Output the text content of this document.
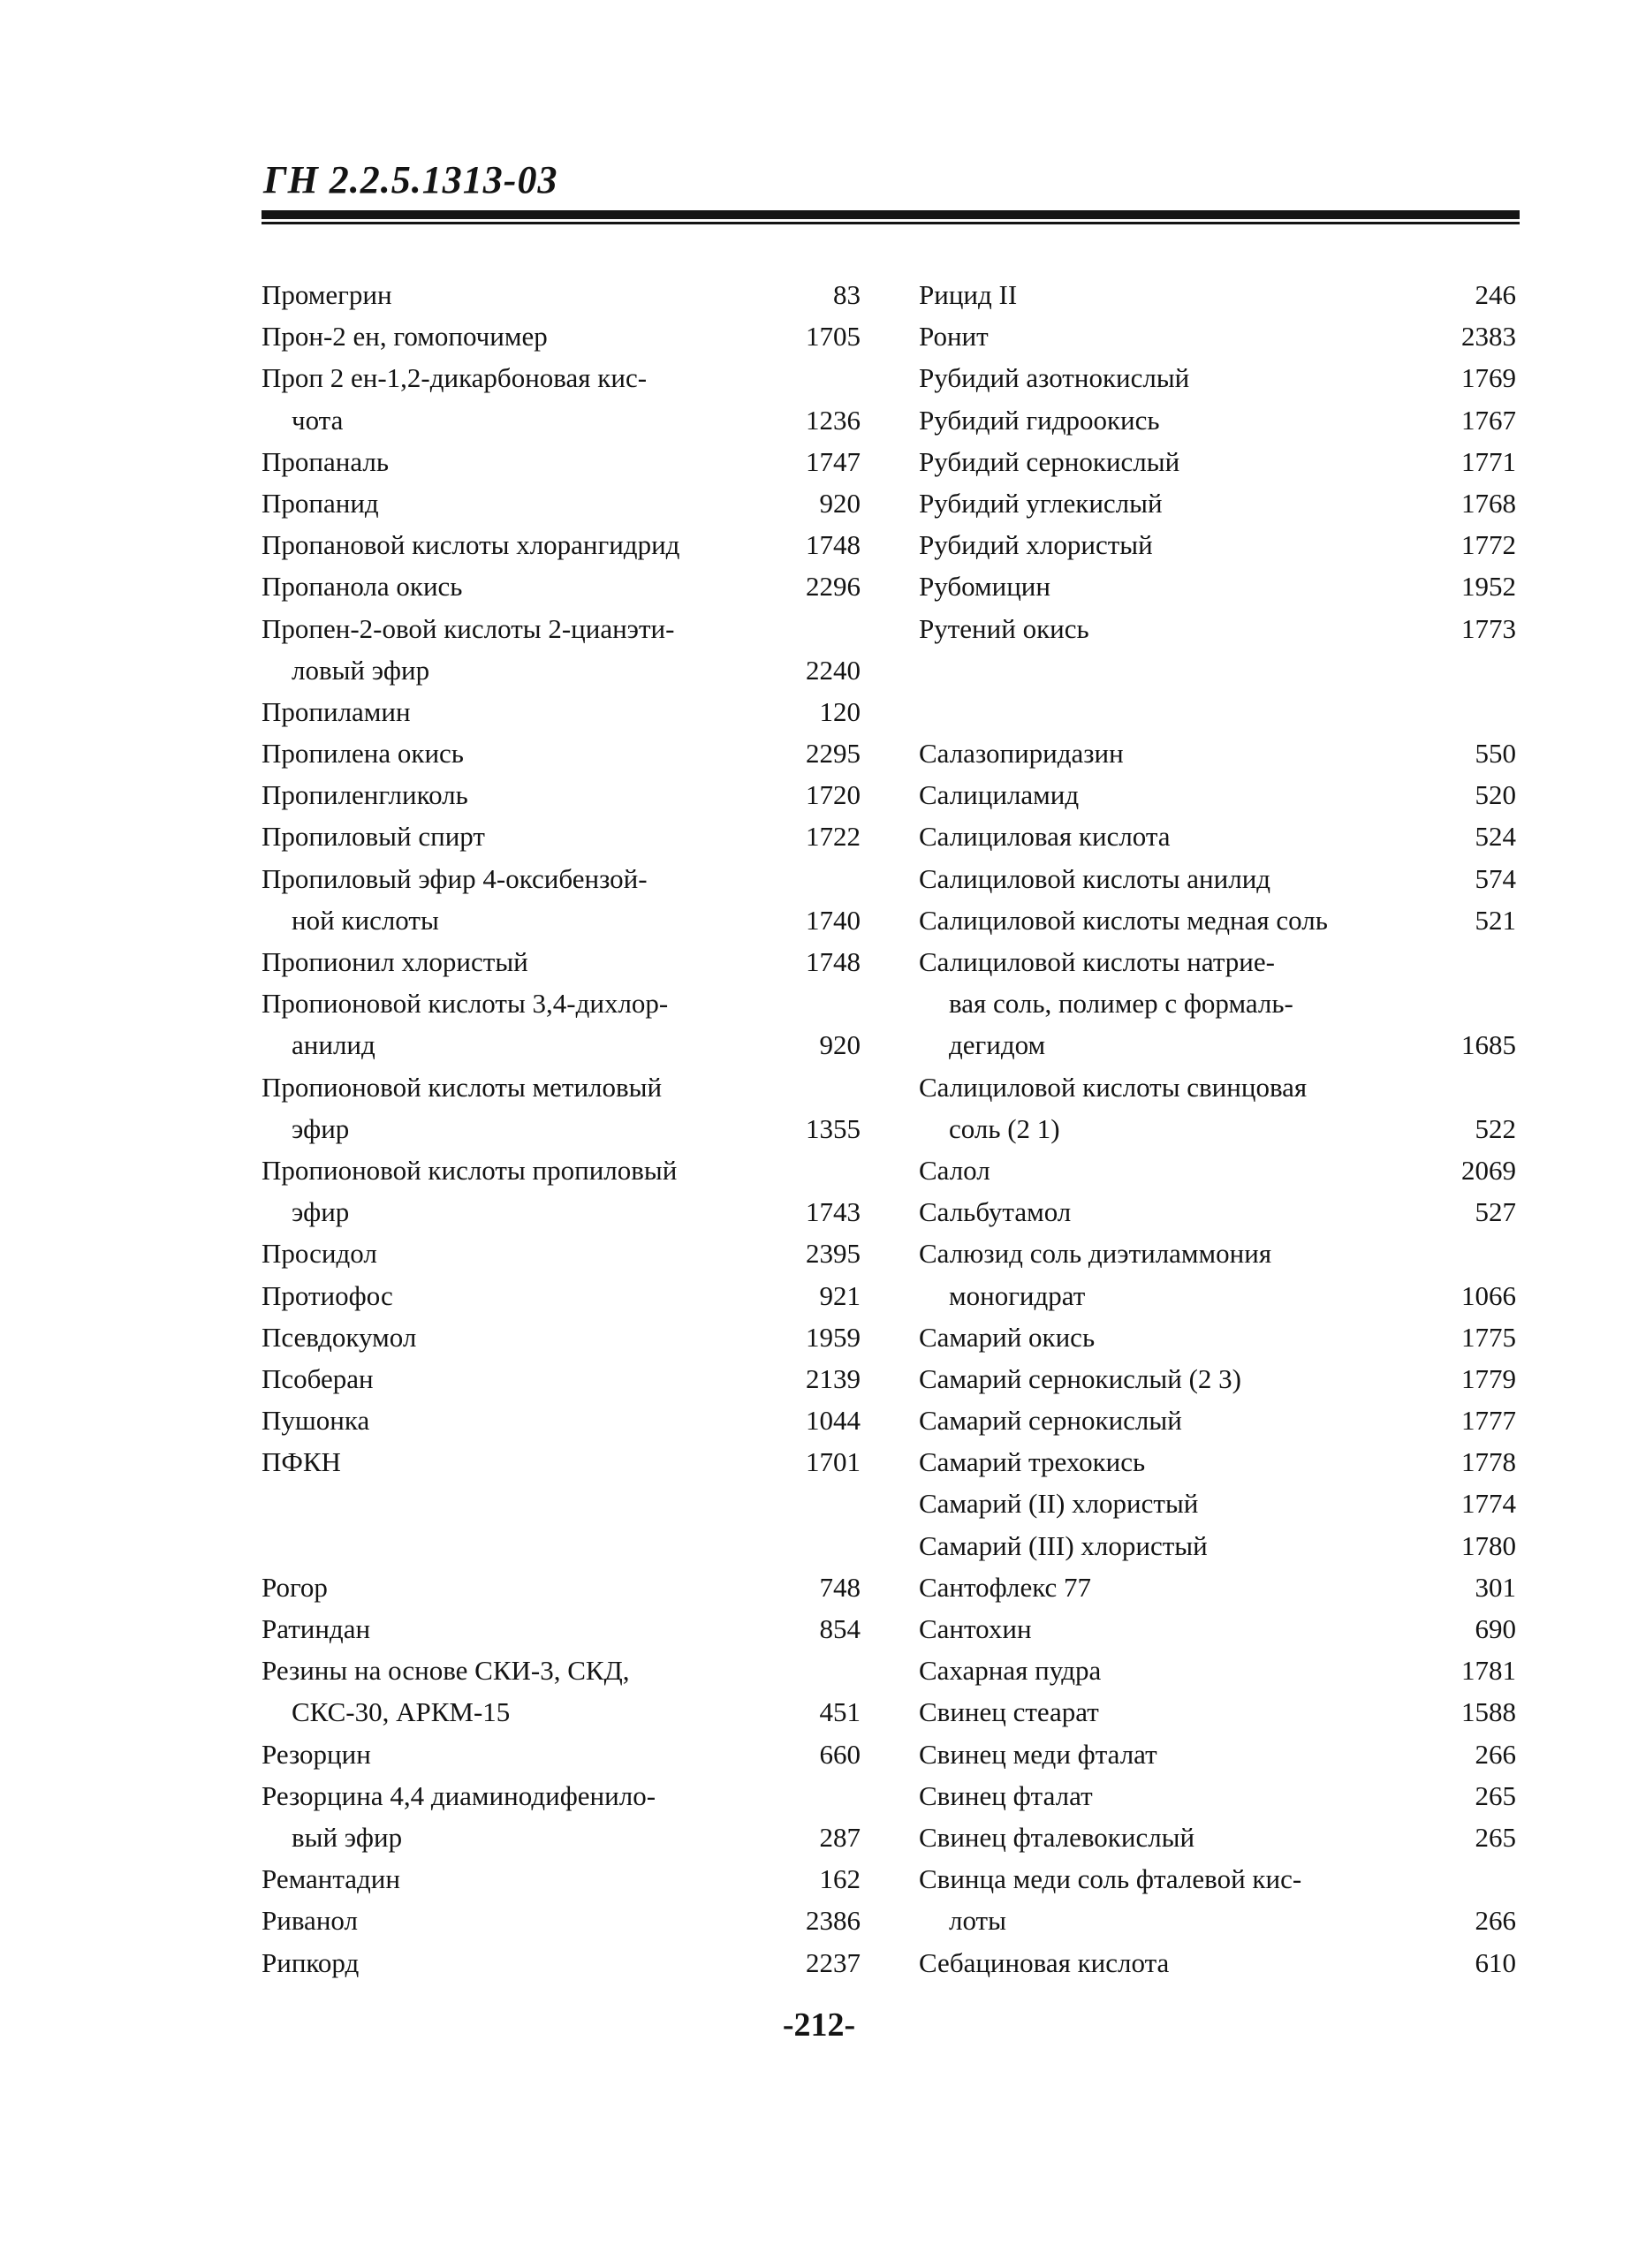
ГН 2.2.5.1313-03
Промегрин	83
Прон-2 ен, гомопочимер	1705
Проп 2 ен-1,2-дикарбоновая кис-
чота	1236
Пропаналь	1747
Пропанид	920
Пропановой кислоты хлорангидрид	1748
Пропанола окись	2296
Пропен-2-овой кислоты 2-цианэти-
ловый эфир	2240
Пропиламин	120
Пропилена окись	2295
Пропиленгликоль	1720
Пропиловый спирт	1722
Пропиловый эфир 4-оксибензой-
ной кислоты	1740
Пропионил хлористый	1748
Пропионовой кислоты 3,4-дихлор-
анилид	920
Пропионовой кислоты метиловый
эфир	1355
Пропионовой кислоты пропиловый
эфир	1743
Просидол	2395
Протиофос	921
Псевдокумол	1959
Псоберан	2139
Пушонка	1044
ПФКН	1701
Рогор	748
Ратиндан	854
Резины на основе СКИ-3, СКД,
СКС-30, АРКМ-15	451
Резорцин	660
Резорцина 4,4 диаминодифенило-
вый эфир	287
Ремантадин	162
Риванол	2386
Рипкорд	2237
Рицид II	246
Ронит	2383
Рубидий азотнокислый	1769
Рубидий гидроокись	1767
Рубидий сернокислый	1771
Рубидий углекислый	1768
Рубидий хлористый	1772
Рубомицин	1952
Рутений окись	1773
Салазопиридазин	550
Салициламид	520
Салициловая кислота	524
Салициловой кислоты анилид	574
Салициловой кислоты медная соль	521
Салициловой кислоты натрие-
вая соль, полимер с формаль-
дегидом	1685
Салициловой кислоты свинцовая
соль (2 1)	522
Салол	2069
Сальбутамол	527
Салюзид соль диэтиламмония
моногидрат	1066
Самарий окись	1775
Самарий сернокислый (2 3)	1779
Самарий сернокислый	1777
Самарий трехокись	1778
Самарий (II) хлористый	1774
Самарий (III) хлористый	1780
Сантофлекс 77	301
Сантохин	690
Сахарная пудра	1781
Свинец стеарат	1588
Свинец меди фталат	266
Свинец фталат	265
Свинец фталевокислый	265
Свинца меди соль фталевой кис-
лоты	266
Себациновая кислота	610
-212-
